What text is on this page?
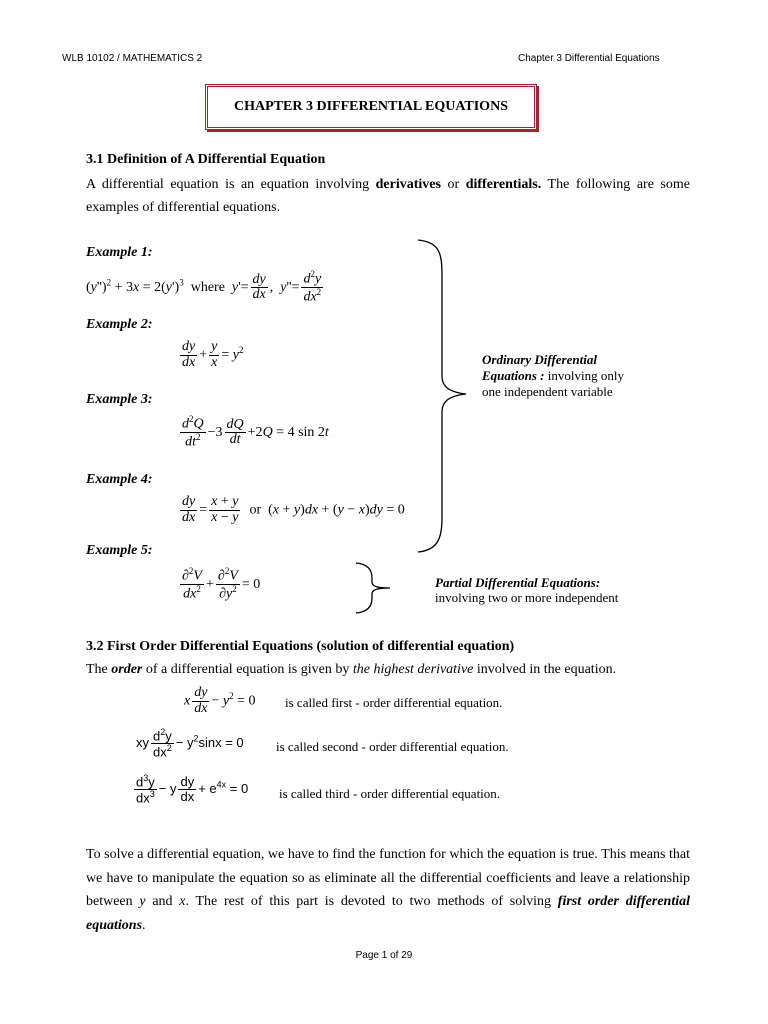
WLB 10102 / MATHEMATICS 2	Chapter 3 Differential Equations
CHAPTER 3 DIFFERENTIAL EQUATIONS
3.1 Definition of A Differential Equation
A differential equation is an equation involving derivatives or differentials. The following are some examples of differential equations.
Example 1:
$(y'')^2 + 3x = 2(y')^3$  where  $y'= \frac{dy}{dx}$ ,  $y''= \frac{d^2y}{dx^2}$
Example 2:
$\frac{dy}{dx} + \frac{y}{x} = y^2$
Example 3:
$\frac{d^2Q}{dt^2} -3 \frac{dQ}{dt} +2Q = 4$ sin 2t
Example 4:
$\frac{dy}{dx} = \frac{x + y}{x - y}$ or  (x + y)dx + (y − x)dy = 0
Example 5:
$\frac{\partial^2V}{dx^2} + \frac{\partial^2V}{\partial y^2} = 0$
Ordinary Differential Equations : involving only one independent variable
Partial Differential Equations:
involving two or more independent
3.2 First Order Differential Equations (solution of differential equation)
The order of a differential equation is given by the highest derivative involved in the equation.
x $\frac{dy}{dx} - y^2 = 0$ is called first - order differential equation.
xy $\frac{d^2y}{dx^2} - y^2\sin x = 0$ is called second - order differential equation.
$\frac{d^3y}{dx^3} - y \frac{dy}{dx} + e^{4x} = 0$ is called third - order differential equation.
To solve a differential equation, we have to find the function for which the equation is true. This means that we have to manipulate the equation so as eliminate all the differential coefficients and leave a relationship between y and x. The rest of this part is devoted to two methods of solving first order differential equations.
Page 1 of 29
